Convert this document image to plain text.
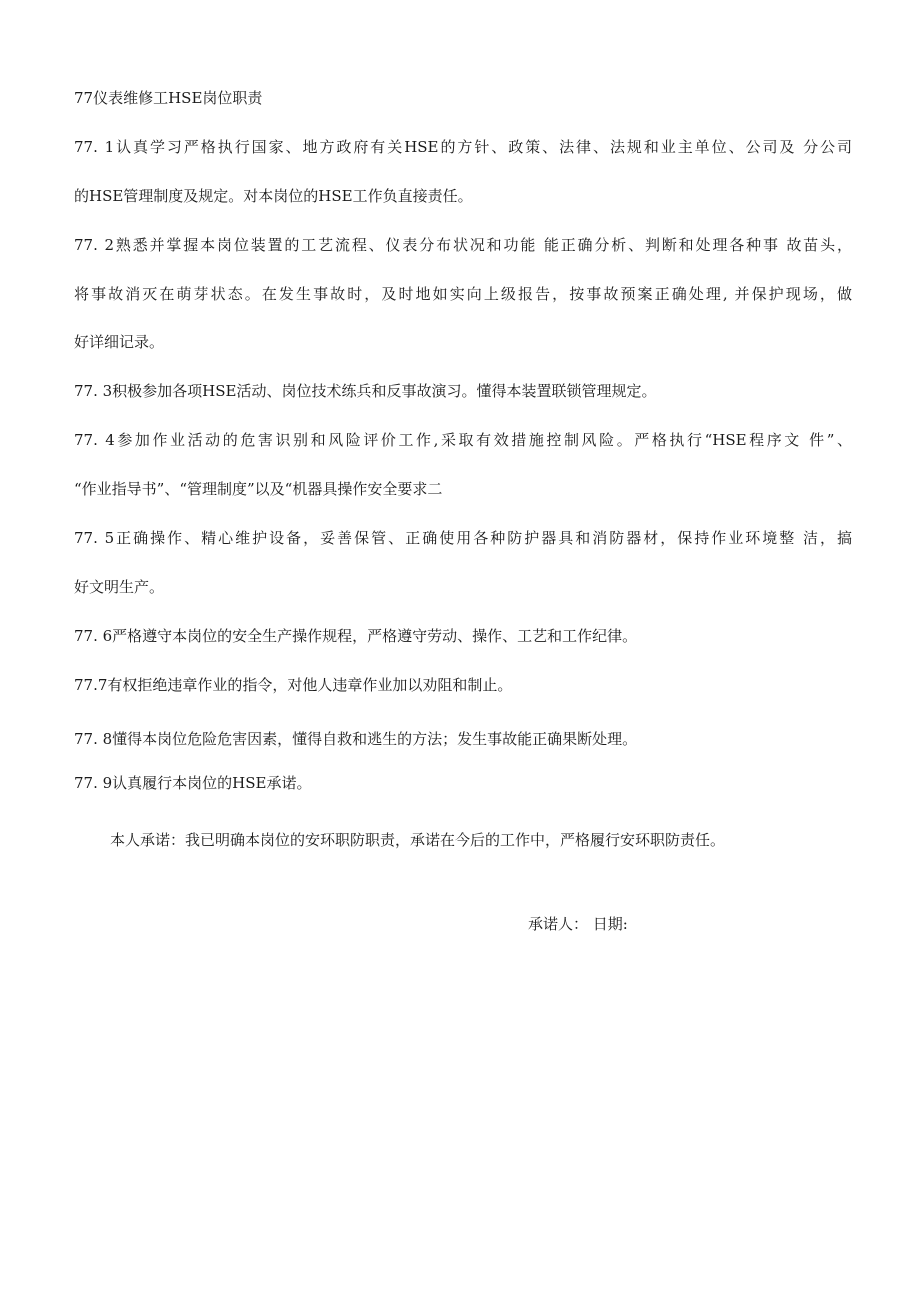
77仪表维修工HSE岗位职责
77. 1认真学习严格执行国家、地方政府有关HSE的方针、政策、法律、法规和业主单位、公司及 分公司
的HSE管理制度及规定。对本岗位的HSE工作负直接责任。
77. 2熟悉并掌握本岗位装置的工艺流程、仪表分布状况和功能 能正确分析、判断和处理各种事 故苗头，
将事故消灭在萌芽状态。在发生事故时，及时地如实向上级报告，按事故预案正确处理, 并保护现场，做
好详细记录。
77. 3积极参加各项HSE活动、岗位技术练兵和反事故演习。懂得本装置联锁管理规定。
77. 4参加作业活动的危害识别和风险评价工作,采取有效措施控制风险。严格执行“HSE程序文 件”、
“作业指导书”、“管理制度”以及“机器具操作安全要求二
77. 5正确操作、精心维护设备，妥善保管、正确使用各种防护器具和消防器材，保持作业环境整 洁，搞
好文明生产。
77. 6严格遵守本岗位的安全生产操作规程，严格遵守劳动、操作、工艺和工作纪律。
77.7有权拒绝违章作业的指令，对他人违章作业加以劝阻和制止。
77. 8懂得本岗位危险危害因素，懂得自救和逃生的方法；发生事故能正确果断处理。
77. 9认真履行本岗位的HSE承诺。
本人承诺：我已明确本岗位的安环职防职责，承诺在今后的工作中，严格履行安环职防责任。
承诺人： 日期:
